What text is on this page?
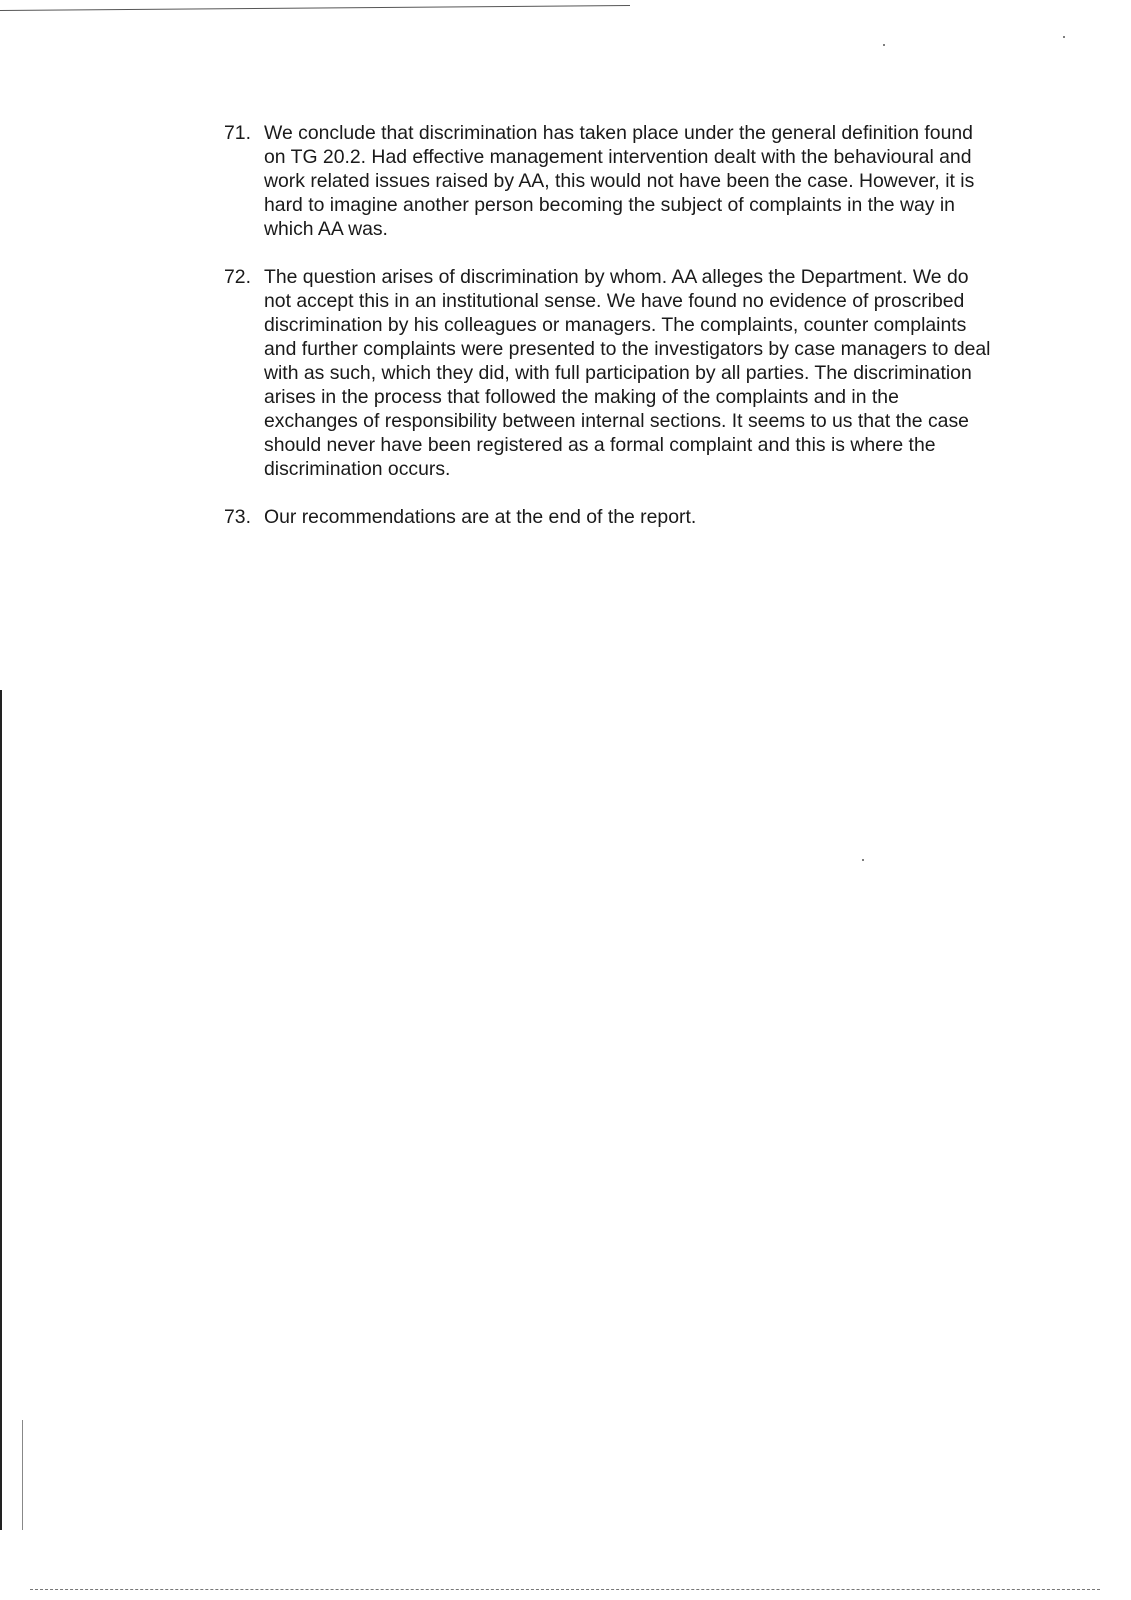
71. We conclude that discrimination has taken place under the general definition found on TG 20.2. Had effective management intervention dealt with the behavioural and work related issues raised by AA, this would not have been the case. However, it is hard to imagine another person becoming the subject of complaints in the way in which AA was.
72. The question arises of discrimination by whom. AA alleges the Department. We do not accept this in an institutional sense. We have found no evidence of proscribed discrimination by his colleagues or managers. The complaints, counter complaints and further complaints were presented to the investigators by case managers to deal with as such, which they did, with full participation by all parties. The discrimination arises in the process that followed the making of the complaints and in the exchanges of responsibility between internal sections. It seems to us that the case should never have been registered as a formal complaint and this is where the discrimination occurs.
73. Our recommendations are at the end of the report.
